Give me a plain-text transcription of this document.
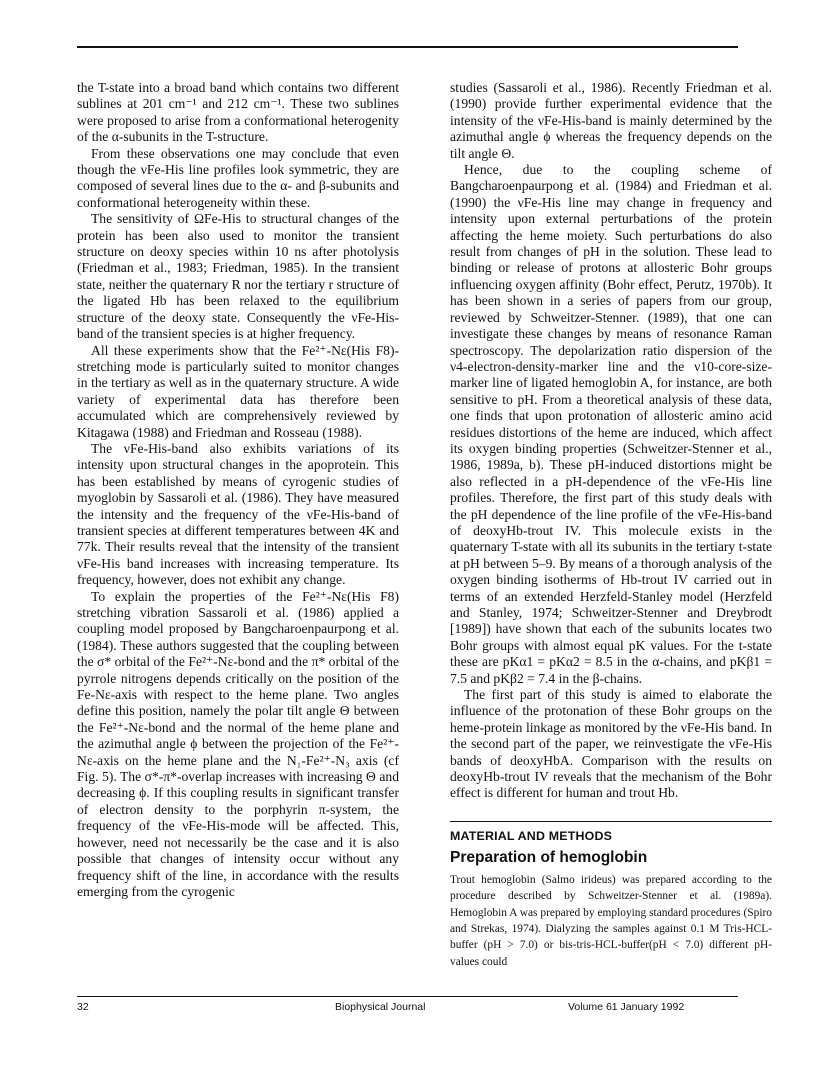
the T-state into a broad band which contains two different sublines at 201 cm⁻¹ and 212 cm⁻¹. These two sublines were proposed to arise from a conformational heterogenity of the α-subunits in the T-structure.

From these observations one may conclude that even though the νFe-His line profiles look symmetric, they are composed of several lines due to the α- and β-subunits and conformational heterogeneity within these.

The sensitivity of ΩFe-His to structural changes of the protein has been also used to monitor the transient structure on deoxy species within 10 ns after photolysis (Friedman et al., 1983; Friedman, 1985). In the transient state, neither the quaternary R nor the tertiary r structure of the ligated Hb has been relaxed to the equilibrium structure of the deoxy state. Consequently the νFe-His-band of the transient species is at higher frequency.

All these experiments show that the Fe²⁺-Nε(His F8)-stretching mode is particularly suited to monitor changes in the tertiary as well as in the quaternary structure. A wide variety of experimental data has therefore been accumulated which are comprehensively reviewed by Kitagawa (1988) and Friedman and Rosseau (1988).

The νFe-His-band also exhibits variations of its intensity upon structural changes in the apoprotein. This has been established by means of cyrogenic studies of myoglobin by Sassaroli et al. (1986). They have measured the intensity and the frequency of the νFe-His-band of transient species at different temperatures between 4K and 77k. Their results reveal that the intensity of the transient νFe-His band increases with increasing temperature. Its frequency, however, does not exhibit any change.

To explain the properties of the Fe²⁺-Nε(His F8) stretching vibration Sassaroli et al. (1986) applied a coupling model proposed by Bangcharoenpaurpong et al. (1984). These authors suggested that the coupling between the σ* orbital of the Fe²⁺-Nε-bond and the π* orbital of the pyrrole nitrogens depends critically on the position of the Fe-Nε-axis with respect to the heme plane. Two angles define this position, namely the polar tilt angle Θ between the Fe²⁺-Nε-bond and the normal of the heme plane and the azimuthal angle ϕ between the projection of the Fe²⁺-Nε-axis on the heme plane and the N₁-Fe²⁺-N₃ axis (cf Fig. 5). The σ*-π*-overlap increases with increasing Θ and decreasing ϕ. If this coupling results in significant transfer of electron density to the porphyrin π-system, the frequency of the νFe-His-mode will be affected. This, however, need not necessarily be the case and it is also possible that changes of intensity occur without any frequency shift of the line, in accordance with the results emerging from the cyrogenic

studies (Sassaroli et al., 1986). Recently Friedman et al. (1990) provide further experimental evidence that the intensity of the νFe-His-band is mainly determined by the azimuthal angle ϕ whereas the frequency depends on the tilt angle Θ.

Hence, due to the coupling scheme of Bangcharoenpaurpong et al. (1984) and Friedman et al. (1990) the νFe-His line may change in frequency and intensity upon external perturbations of the protein affecting the heme moiety. Such perturbations do also result from changes of pH in the solution. These lead to binding or release of protons at allosteric Bohr groups influencing oxygen affinity (Bohr effect, Perutz, 1970b). It has been shown in a series of papers from our group, reviewed by Schweitzer-Stenner. (1989), that one can investigate these changes by means of resonance Raman spectroscopy. The depolarization ratio dispersion of the ν4-electron-density-marker line and the ν10-core-size-marker line of ligated hemoglobin A, for instance, are both sensitive to pH. From a theoretical analysis of these data, one finds that upon protonation of allosteric amino acid residues distortions of the heme are induced, which affect its oxygen binding properties (Schweitzer-Stenner et al., 1986, 1989a, b). These pH-induced distortions might be also reflected in a pH-dependence of the νFe-His line profiles. Therefore, the first part of this study deals with the pH dependence of the line profile of the νFe-His-band of deoxyHb-trout IV. This molecule exists in the quaternary T-state with all its subunits in the tertiary t-state at pH between 5–9. By means of a thorough analysis of the oxygen binding isotherms of Hb-trout IV carried out in terms of an extended Herzfeld-Stanley model (Herzfeld and Stanley, 1974; Schweitzer-Stenner and Dreybrodt [1989]) have shown that each of the subunits locates two Bohr groups with almost equal pK values. For the t-state these are pKα1 = pKα2 = 8.5 in the α-chains, and pKβ1 = 7.5 and pKβ2 = 7.4 in the β-chains.

The first part of this study is aimed to elaborate the influence of the protonation of these Bohr groups on the heme-protein linkage as monitored by the νFe-His band. In the second part of the paper, we reinvestigate the νFe-His bands of deoxyHbA. Comparison with the results on deoxyHb-trout IV reveals that the mechanism of the Bohr effect is different for human and trout Hb.

MATERIAL AND METHODS
Preparation of hemoglobin

Trout hemoglobin (Salmo irideus) was prepared according to the procedure described by Schweitzer-Stenner et al. (1989a). Hemoglobin A was prepared by employing standard procedures (Spiro and Strekas, 1974). Dialyzing the samples against 0.1 M Tris-HCL-buffer (pH > 7.0) or bis-tris-HCL-buffer(pH < 7.0) different pH-values could

32	Biophysical Journal	Volume 61 January 1992
